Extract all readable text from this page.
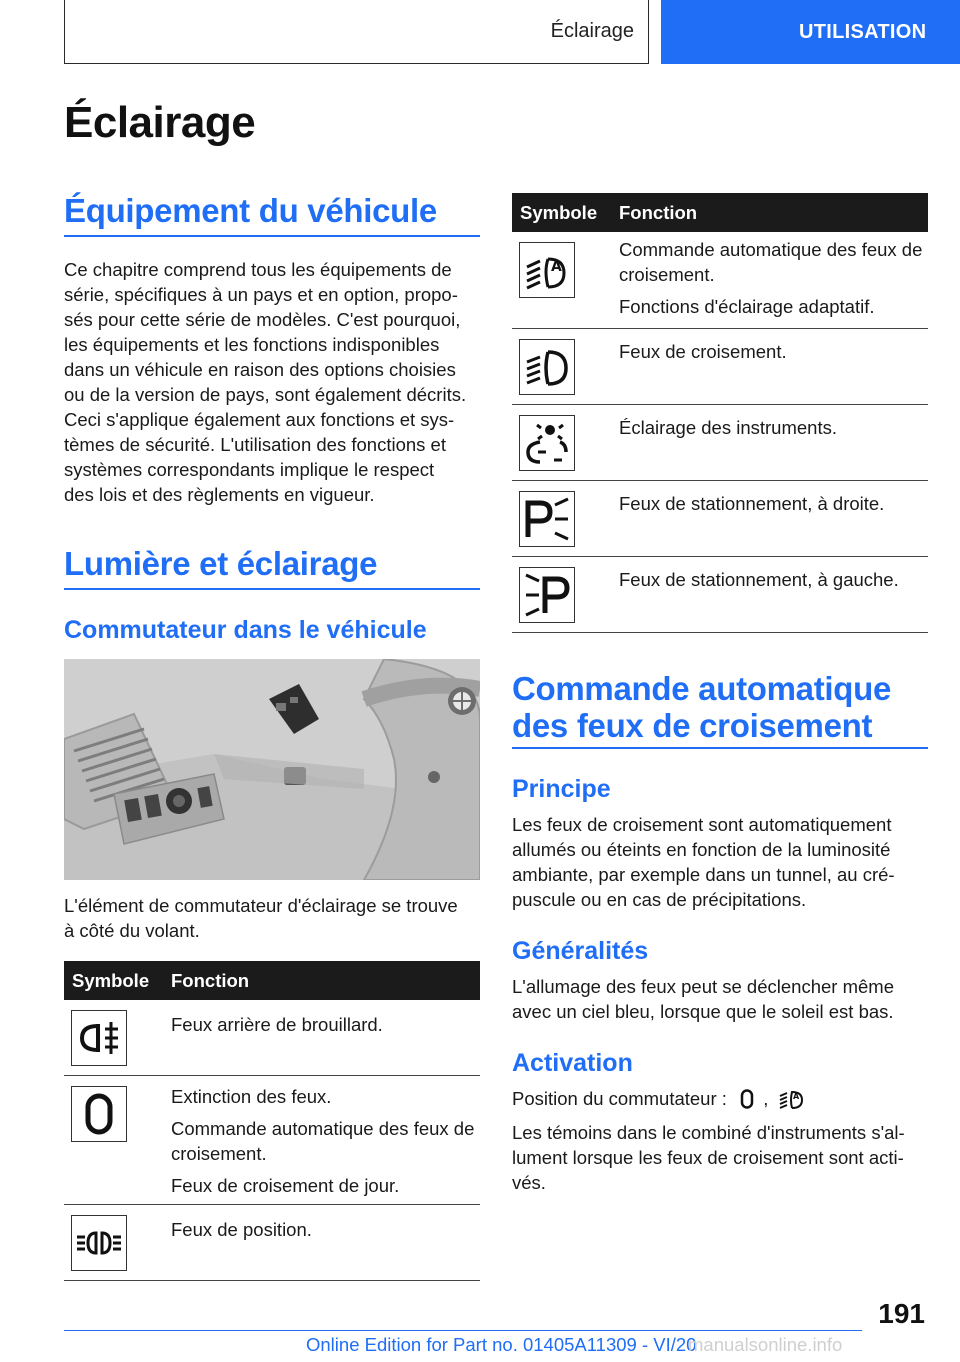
Éclairage	UTILISATION
Éclairage
Équipement du véhicule
Ce chapitre comprend tous les équipements de
série, spécifiques à un pays et en option, propo-
sés pour cette série de modèles. C'est pourquoi,
les équipements et les fonctions indisponibles
dans un véhicule en raison des options choisies
ou de la version de pays, sont également décrits.
Ceci s'applique également aux fonctions et sys-
tèmes de sécurité. L'utilisation des fonctions et
systèmes correspondants implique le respect
des lois et des règlements en vigueur.
Lumière et éclairage
Commutateur dans le véhicule
L'élément de commutateur d'éclairage se trouve
à côté du volant.
Symbole Fonction
Feux arrière de brouillard.
Extinction des feux.
Commande automatique des feux de croisement.
Feux de croisement de jour.
Feux de position.
Symbole Fonction
A
Commande automatique des feux de croisement.
Fonctions d'éclairage adaptatif.
Feux de croisement.
Éclairage des instruments.
Feux de stationnement, à droite.
Feux de stationnement, à gauche.
Commande automatique
des feux de croisement
Principe
Les feux de croisement sont automatiquement
allumés ou éteints en fonction de la luminosité
ambiante, par exemple dans un tunnel, au cré-
puscule ou en cas de précipitations.
Généralités
L'allumage des feux peut se déclencher même
avec un ciel bleu, lorsque que le soleil est bas.
Activation
Position du commutateur : ,	A
Les témoins dans le combiné d'instruments s'al-
lument lorsque les feux de croisement sont acti-
vés.
191
Online Edition for Part no. 01405A11309 - VI/20
manualsonline.info
